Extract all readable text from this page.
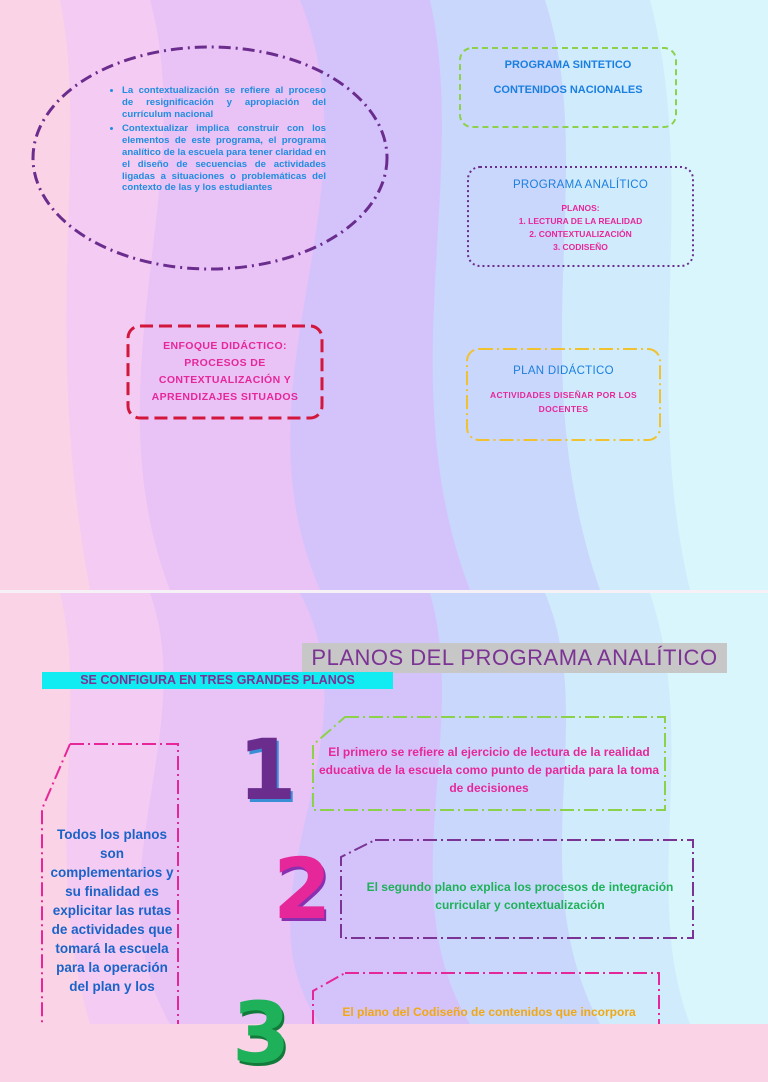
• La contextualización se refiere al proceso de resignificación y apropiación del currículum nacional
• Contextualizar implica construir con los elementos de este programa, el programa analítico de la escuela para tener claridad en el diseño de secuencias de actividades ligadas a situaciones o problemáticas del contexto de las y los estudiantes
PROGRAMA SINTETICO
CONTENIDOS NACIONALES
PROGRAMA ANALÍTICO
PLANOS:
1. LECTURA DE LA REALIDAD
2. CONTEXTUALIZACIÓN
3. CODISEÑO
ENFOQUE DIDÁCTICO: PROCESOS DE CONTEXTUALIZACIÓN Y APRENDIZAJES SITUADOS
PLAN DIDÁCTICO
ACTIVIDADES DISEÑAR POR LOS DOCENTES
PLANOS DEL PROGRAMA ANALÍTICO
SE CONFIGURA EN TRES GRANDES PLANOS
Todos los planos son complementarios y su finalidad es explicitar las rutas de actividades que tomará la escuela para la operación del plan y los
1
2
3
El primero se refiere al ejercicio de lectura de la realidad educativa de la escuela como punto de partida para la toma de decisiones
El segundo plano explica los procesos de integración curricular y contextualización
El plano del Codiseño de contenidos que incorpora
